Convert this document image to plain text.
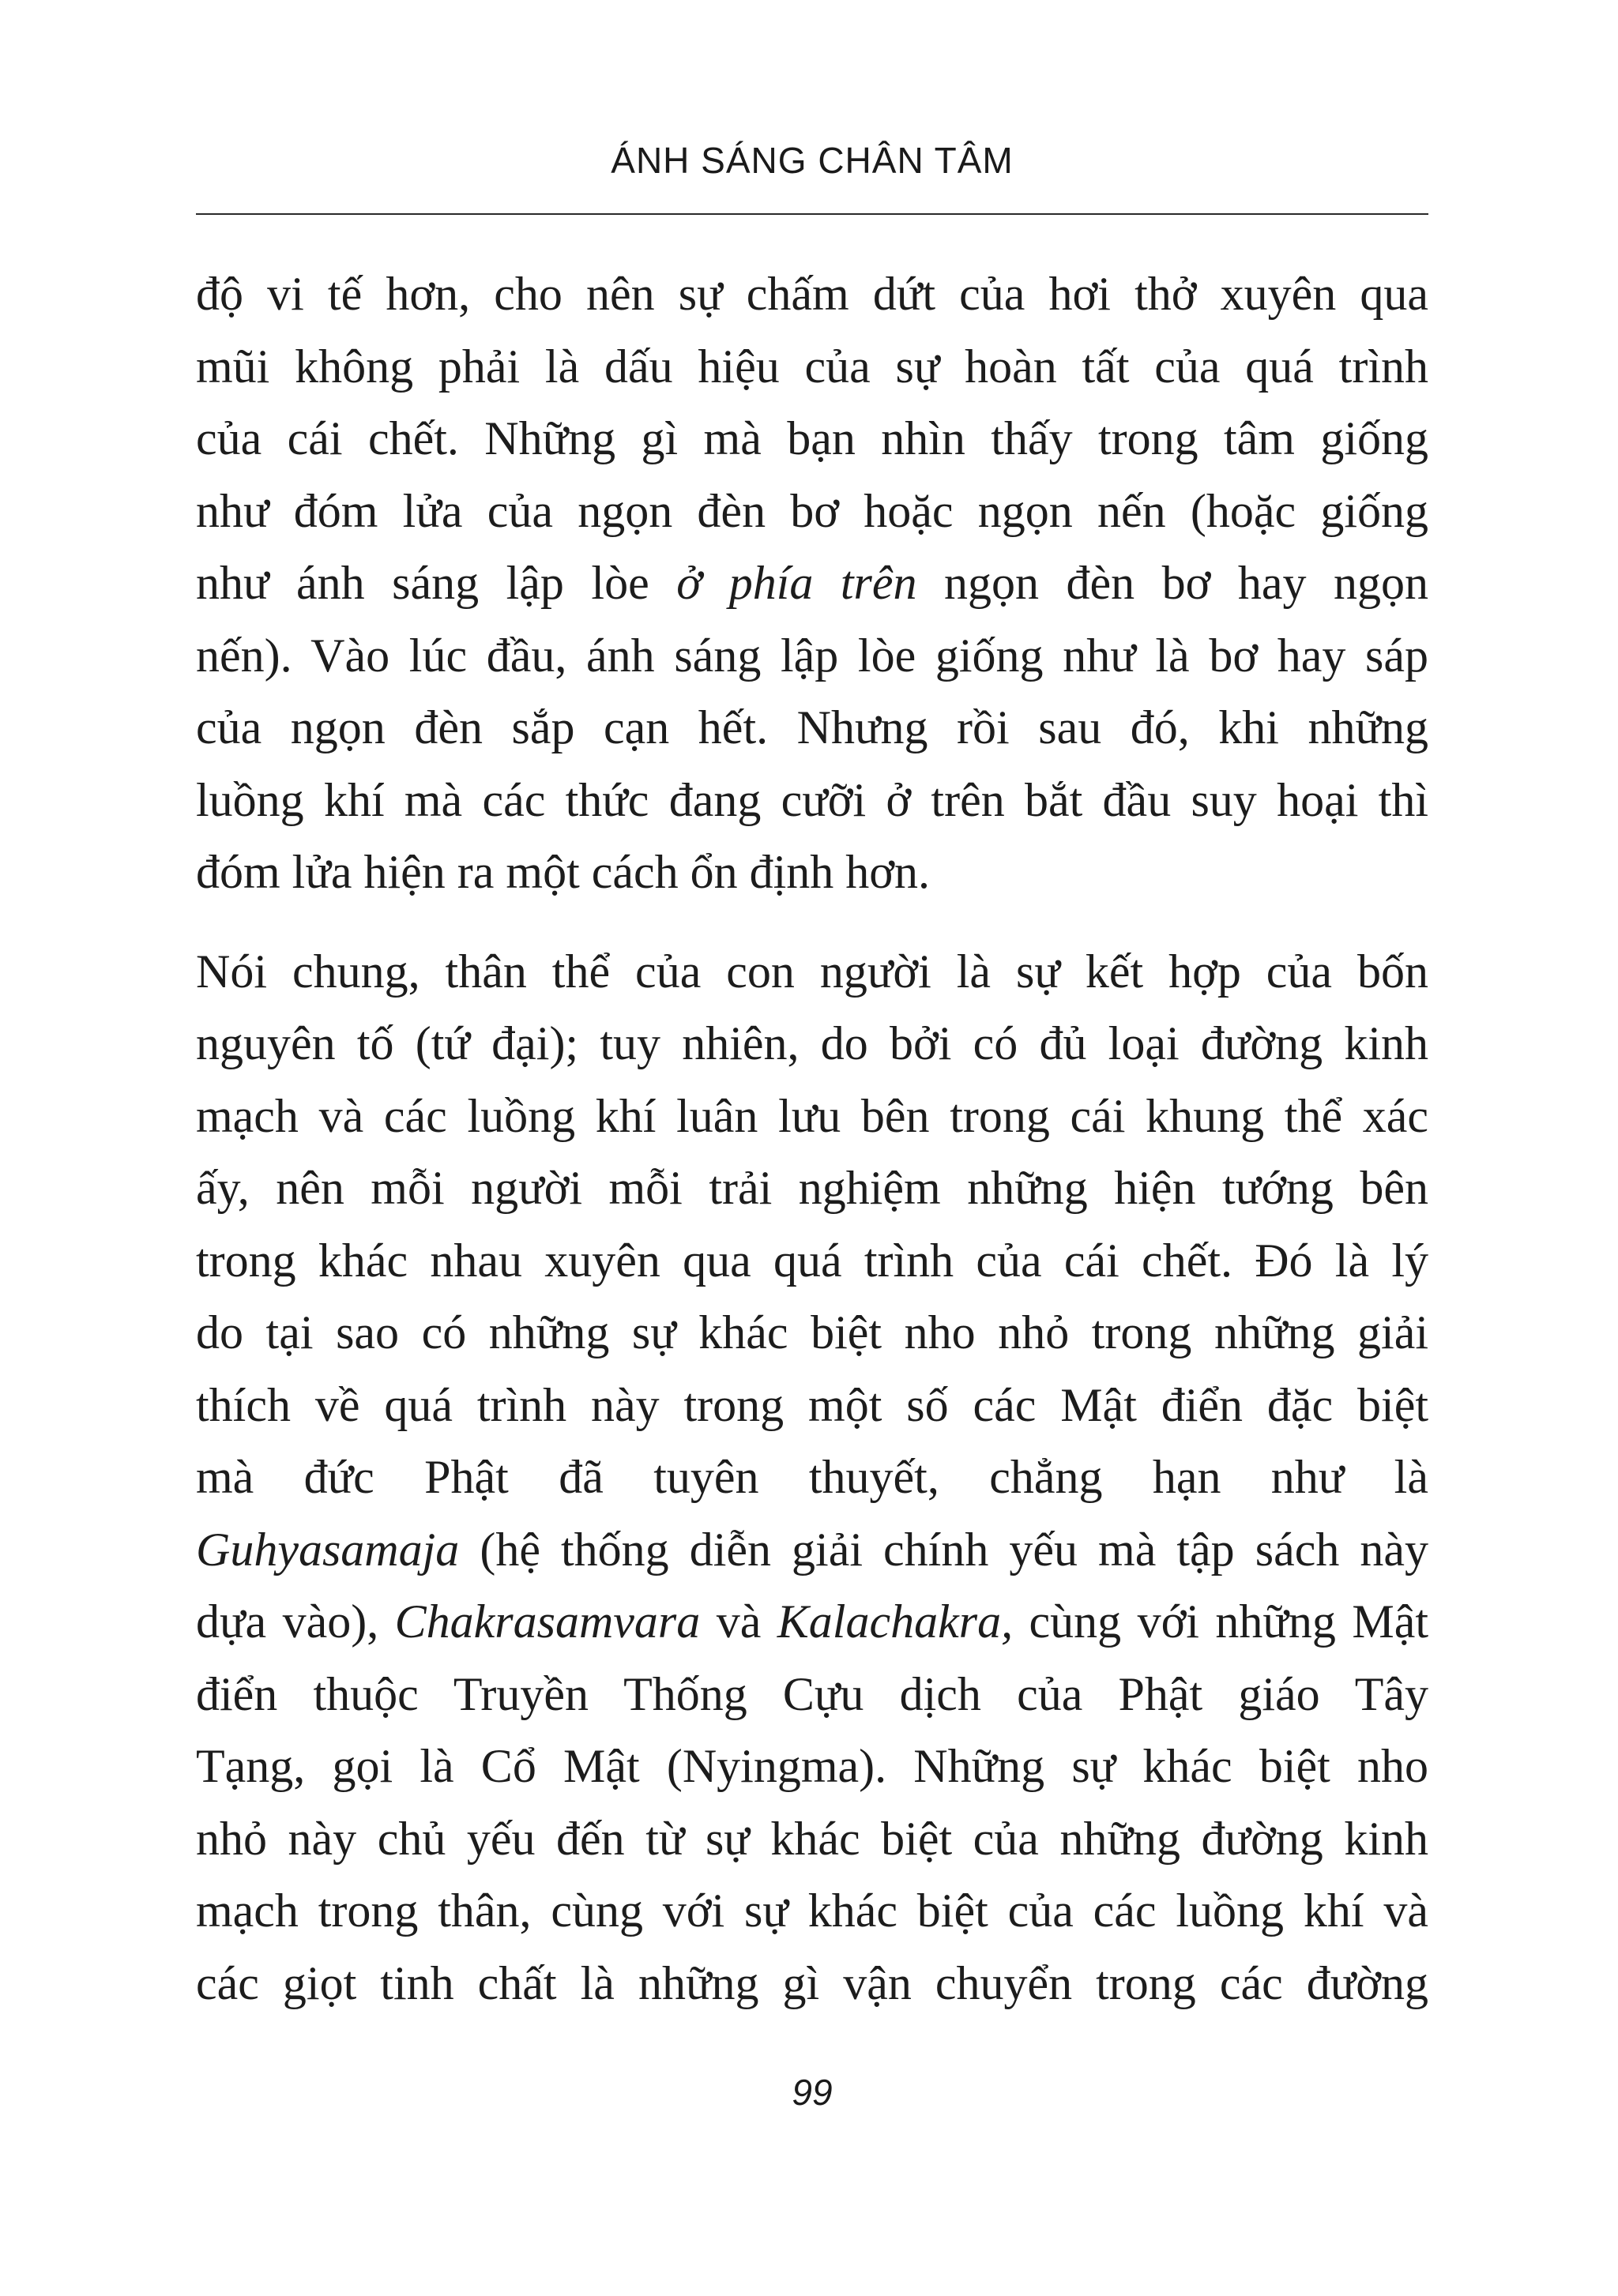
ÁNH SÁNG CHÂN TÂM

độ vi tế hơn, cho nên sự chấm dứt của hơi thở xuyên qua
mũi không phải là dấu hiệu của sự hoàn tất của quá trình
của cái chết. Những gì mà bạn nhìn thấy trong tâm giống
như đóm lửa của ngọn đèn bơ hoặc ngọn nến (hoặc giống
như ánh sáng lập lòe ở phía trên ngọn đèn bơ hay ngọn
nến). Vào lúc đầu, ánh sáng lập lòe giống như là bơ hay sáp
của ngọn đèn sắp cạn hết. Nhưng rồi sau đó, khi những
luồng khí mà các thức đang cưỡi ở trên bắt đầu suy hoại thì
đóm lửa hiện ra một cách ổn định hơn.

Nói chung, thân thể của con người là sự kết hợp của bốn
nguyên tố (tứ đại); tuy nhiên, do bởi có đủ loại đường kinh
mạch và các luồng khí luân lưu bên trong cái khung thể xác
ấy, nên mỗi người mỗi trải nghiệm những hiện tướng bên
trong khác nhau xuyên qua quá trình của cái chết. Đó là lý
do tại sao có những sự khác biệt nho nhỏ trong những giải
thích về quá trình này trong một số các Mật điển đặc biệt
mà đức Phật đã tuyên thuyết, chẳng hạn như là
Guhyasamaja (hệ thống diễn giải chính yếu mà tập sách này
dựa vào), Chakrasamvara và Kalachakra, cùng với những Mật
điển thuộc Truyền Thống Cựu dịch của Phật giáo Tây
Tạng, gọi là Cổ Mật (Nyingma). Những sự khác biệt nho
nhỏ này chủ yếu đến từ sự khác biệt của những đường kinh
mạch trong thân, cùng với sự khác biệt của các luồng khí và
các giọt tinh chất là những gì vận chuyển trong các đường

99
